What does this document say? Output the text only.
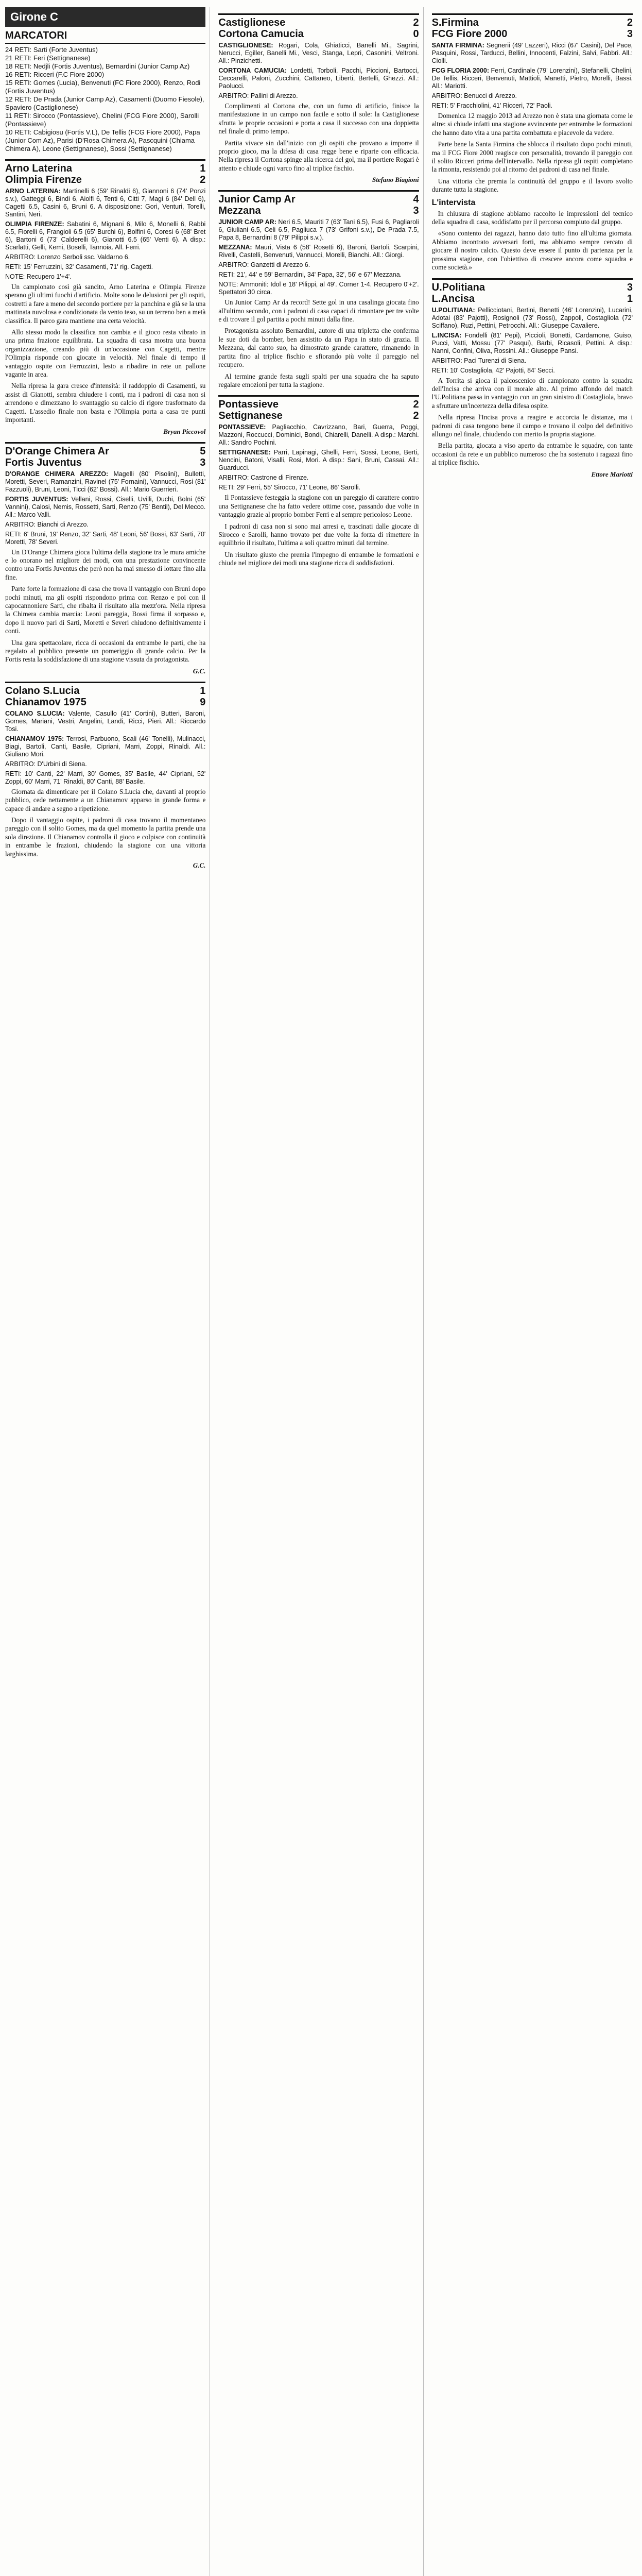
Girone C
MARCATORI
24 RETI: Sarti (Forte Juventus)
21 RETI: Feri (Settignanese)
18 RETI: Nedjli (Fortis Juventus), Bernardini (Junior Camp Az)
16 RETI: Ricceri (F.C Fiore 2000)
15 RETI: Gomes (Lucia), Benvenuti (FC Fiore 2000), Renzo, Rodi (Fortis Juventus)
12 RETI: De Prada (Junior Camp Az), Casamenti (Duomo Fiesole), Spaviero (Castiglionese)
11 RETI: Sirocco (Pontassieve), Chelini (FCG Fiore 2000), Sarolli (Pontassieve)
10 RETI: Cabigiosu (Fortis V.L), De Tellis (FCG Fiore 2000), Papa (Junior Com Az), Parisi (D'Rosa Chimera A), Pascquini (Chiama Chimera A), Leone (Settignanese), Sossi (Settignanese)
Arno Laterina	1
Olimpia Firenze	2
ARNO LATERINA: Martinelli 6 (59' Rinaldi 6), Giannoni 6 (74' Ponzi s.v.), Gatteggi 6, Bindi 6, Aiolfi 6, Tenti 6, Citti 7, Magi 6 (84' Dell 6), Cagetti 6.5, Casini 6, Bruni 6. A disposizione: Gori, Venturi, Torelli, Santini, Neri.
OLIMPIA FIRENZE: Sabatini 6, Mignani 6, Milo 6, Monelli 6, Rabbi 6.5, Fiorelli 6, Frangioli 6.5 (65' Burchi 6), Bolfini 6, Coresi 6 (68' Bret 6), Bartoni 6 (73' Calderelli 6), Gianotti 6.5 (65' Venti 6). A disp.: Scarlatti, Gelli, Kemi, Boselli, Tannoia. All. Ferri.
ARBITRO: Lorenzo Serboli ssc. Valdarno 6.
RETI: 15' Ferruzzini, 32' Casamenti, 71' rig. Cagetti.
NOTE: Recupero 1'+4'.

Un campionato così già sancito, Arno Laterina e Olimpia Firenze sperano gli ultimi fuochi d'artificio. Molte sono le delusioni per gli ospiti, costretti a fare a meno del secondo portiere per la panchina e già se la una mattinata nuvolosa e condizionata da vento teso, su un terreno ben a metà classifica. Il parco gara mantiene una certa velocità.

Allo stesso modo la classifica non cambia e il gioco resta vibrato in una prima frazione equilibrata. La squadra di casa mostra una buona organizzazione, creando più di un'occasione con Cagetti, mentre l'Olimpia risponde con giocate in velocità. Nel finale di tempo il vantaggio ospite con Ferruzzini, lesto a ribadire in rete un pallone vagante in area.

Nella ripresa la gara cresce d'intensità: il raddoppio di Casamenti, su assist di Gianotti, sembra chiudere i conti, ma i padroni di casa non si arrendono e dimezzano lo svantaggio su calcio di rigore trasformato da Cagetti. L'assedio finale non basta e l'Olimpia porta a casa tre punti importanti.

Bryan Piccovol
D'Orange Chimera Ar	5
Fortis Juventus	3
D'ORANGE CHIMERA AREZZO: Magelli (80' Pisolini), Bulletti, Moretti, Severi, Ramanzini, Ravinel (75' Fornaini), Vannucci, Rosi (81' Fazzuoli), Bruni, Leoni, Ticci (62' Bossi). All.: Mario Guerrieri.
FORTIS JUVENTUS: Vellani, Rossi, Ciselli, Uvilli, Duchi, Bolni (65' Vannini), Calosi, Nemis, Rossetti, Sarti, Renzo (75' Bentil), Del Mecco. All.: Marco Valli.
ARBITRO: Bianchi di Arezzo.
RETI: 6' Bruni, 19' Renzo, 32' Sarti, 48' Leoni, 56' Bossi, 63' Sarti, 70' Moretti, 78' Severi.

Un D'Orange Chimera gioca l'ultima della stagione tra le mura amiche e lo onorano nel migliore dei modi, con una prestazione convincente contro una Fortis Juventus che però non ha mai smesso di lottare fino alla fine.

Parte forte la formazione di casa che trova il vantaggio con Bruni dopo pochi minuti, ma gli ospiti rispondono prima con Renzo e poi con il capocannoniere Sarti, che ribalta il risultato alla mezz'ora. Nella ripresa la Chimera cambia marcia: Leoni pareggia, Bossi firma il sorpasso e, dopo il nuovo pari di Sarti, Moretti e Severi chiudono definitivamente i conti.

Una gara spettacolare, ricca di occasioni da entrambe le parti, che ha regalato al pubblico presente un pomeriggio di grande calcio. Per la Fortis resta la soddisfazione di una stagione vissuta da protagonista.

G.C.
Colano S.Lucia	1
Chianamov 1975	9
COLANO S.LUCIA: Valente, Casullo (41' Cortini), Butteri, Baroni, Gomes, Mariani, Vestri, Angelini, Landi, Ricci, Pieri. All.: Riccardo Tosi.
CHIANAMOV 1975: Terrosi, Parbuono, Scali (46' Tonelli), Mulinacci, Biagi, Bartoli, Canti, Basile, Cipriani, Marri, Zoppi, Rinaldi. All.: Giuliano Mori.
ARBITRO: D'Urbini di Siena.
RETI: 10' Canti, 22' Marri, 30' Gomes, 35' Basile, 44' Cipriani, 52' Zoppi, 60' Marri, 71' Rinaldi, 80' Canti, 88' Basile.

Giornata da dimenticare per il Colano S.Lucia che, davanti al proprio pubblico, cede nettamente a un Chianamov apparso in grande forma e capace di andare a segno a ripetizione.

Dopo il vantaggio ospite, i padroni di casa trovano il momentaneo pareggio con il solito Gomes, ma da quel momento la partita prende una sola direzione. Il Chianamov controlla il gioco e colpisce con continuità in entrambe le frazioni, chiudendo la stagione con una vittoria larghissima.

G.C.
Castiglionese	2
Cortona Camucia	0
CASTIGLIONESE: Rogari, Cola, Ghiaticci, Banelli Mi., Sagrini, Nerucci, Egiller, Banelli Mi., Vesci, Stanga, Lepri, Casonini, Veltroni. All.: Pinzichetti.
CORTONA CAMUCIA: Lordetti, Torboli, Pacchi, Piccioni, Bartocci, Ceccarelli, Paloni, Zucchini, Cattaneo, Liberti, Bertelli, Ghezzi. All.: Paolucci.
ARBITRO: Pallini di Arezzo.

Complimenti al Cortona che, con un fumo di artificio, finisce la manifestazione in un campo non facile e sotto il sole: la Castiglionese sfrutta le proprie occasioni e porta a casa il successo con una doppietta nel finale di primo tempo.

Partita vivace sin dall'inizio con gli ospiti che provano a imporre il proprio gioco, ma la difesa di casa regge bene e riparte con efficacia. Nella ripresa il Cortona spinge alla ricerca del gol, ma il portiere Rogari è attento e chiude ogni varco fino al triplice fischio.

Stefano Biagioni
Junior Camp Ar	4
Mezzana	3
JUNIOR CAMP AR: Neri 6.5, Mauriti 7 (63' Tani 6.5), Fusi 6, Pagliaroli 6, Giuliani 6.5, Celi 6.5, Pagliuca 7 (73' Grifoni s.v.), De Prada 7.5, Papa 8, Bernardini 8 (79' Pilippi s.v.).
MEZZANA: Mauri, Vista 6 (58' Rosetti 6), Baroni, Bartoli, Scarpini, Rivelli, Castelli, Benvenuti, Vannucci, Morelli, Bianchi. All.: Giorgi.
ARBITRO: Ganzetti di Arezzo 6.
RETI: 21', 44' e 59' Bernardini, 34' Papa, 32', 56' e 67' Mezzana.
NOTE: Ammoniti: Idol e 18' Pilippi, al 49'. Corner 1-4. Recupero 0'+2'. Spettatori 30 circa.

Un Junior Camp Ar da record! Sette gol in una casalinga giocata fino all'ultimo secondo, con i padroni di casa capaci di rimontare per tre volte e di trovare il gol partita a pochi minuti dalla fine.

Protagonista assoluto Bernardini, autore di una tripletta che conferma le sue doti da bomber, ben assistito da un Papa in stato di grazia. Il Mezzana, dal canto suo, ha dimostrato grande carattere, rimanendo in partita fino al triplice fischio e sfiorando più volte il pareggio nel recupero.

Al termine grande festa sugli spalti per una squadra che ha saputo regalare emozioni per tutta la stagione.

Pontassieve	2
Settignanese	2
PONTASSIEVE: Pagliacchio, Cavrizzano, Bari, Guerra, Poggi, Mazzoni, Roccucci, Dominici, Bondi, Chiarelli, Danelli. A disp.: Marchi. All.: Sandro Pochini.
SETTIGNANESE: Parri, Lapinagi, Ghelli, Ferri, Sossi, Leone, Berti, Nencini, Batoni, Visalli, Rosi, Mori. A disp.: Sani, Bruni, Cassai. All.: Guarducci.
ARBITRO: Castrone di Firenze.
RETI: 29' Ferri, 55' Sirocco, 71' Leone, 86' Sarolli.

Il Pontassieve festeggia la stagione con un pareggio di carattere contro una Settignanese che ha fatto vedere ottime cose, passando due volte in vantaggio grazie al proprio bomber Ferri e al sempre pericoloso Leone.

I padroni di casa non si sono mai arresi e, trascinati dalle giocate di Sirocco e Sarolli, hanno trovato per due volte la forza di rimettere in equilibrio il risultato, l'ultima a soli quattro minuti dal termine.

Un risultato giusto che premia l'impegno di entrambe le formazioni e chiude nel migliore dei modi una stagione ricca di soddisfazioni.

S.Firmina	2
FCG Fiore 2000	3
SANTA FIRMINA: Segnerii (49' Lazzeri), Ricci (67' Casini), Del Pace, Pasquini, Rossi, Tarducci, Bellini, Innocenti, Falzini, Salvi, Fabbri. All.: Ciolli.
FCG FLORIA 2000: Ferri, Cardinale (79' Lorenzini), Stefanelli, Chelini, De Tellis, Ricceri, Benvenuti, Mattioli, Manetti, Pietro, Morelli, Bassi. All.: Mariotti.
ARBITRO: Benucci di Arezzo.
RETI: 5' Fracchiolini, 41' Ricceri, 72' Paoli.

Domenica 12 maggio 2013 ad Arezzo non è stata una giornata come le altre: si chiude infatti una stagione avvincente per entrambe le formazioni che hanno dato vita a una partita combattuta e piacevole da vedere.

Parte bene la Santa Firmina che sblocca il risultato dopo pochi minuti, ma il FCG Fiore 2000 reagisce con personalità, trovando il pareggio con il solito Ricceri prima dell'intervallo. Nella ripresa gli ospiti completano la rimonta, resistendo poi al ritorno dei padroni di casa nel finale.

Una vittoria che premia la continuità del gruppo e il lavoro svolto durante tutta la stagione.

L'intervista

In chiusura di stagione abbiamo raccolto le impressioni del tecnico della squadra di casa, soddisfatto per il percorso compiuto dal gruppo.

«Sono contento dei ragazzi, hanno dato tutto fino all'ultima giornata. Abbiamo incontrato avversari forti, ma abbiamo sempre cercato di giocare il nostro calcio. Questo deve essere il punto di partenza per la prossima stagione, con l'obiettivo di crescere ancora come squadra e come società.»

U.Politiana	3
L.Ancisa	1
U.POLITIANA: Pellicciotani, Bertini, Benetti (46' Lorenzini), Lucarini, Adotai (83' Pajotti), Rosignoli (73' Rossi), Zappoli, Costagliola (72' Sciffano), Ruzi, Pettini, Petrocchi. All.: Giuseppe Cavaliere.
L.INCISA: Fondelli (81' Pepi), Piccioli, Bonetti, Cardamone, Guiso, Pucci, Vatti, Mossu (77' Pasqui), Barbi, Ricasoli, Pettini. A disp.: Nanni, Confini, Oliva, Rossini. All.: Giuseppe Pansi.
ARBITRO: Paci Turenzi di Siena.
RETI: 10' Costagliola, 42' Pajotti, 84' Secci.

A Torrita si gioca il palcoscenico di campionato contro la squadra dell'Incisa che arriva con il morale alto. Al primo affondo del match l'U.Politiana passa in vantaggio con un gran sinistro di Costagliola, bravo a sfruttare un'incertezza della difesa ospite.

Nella ripresa l'Incisa prova a reagire e accorcia le distanze, ma i padroni di casa tengono bene il campo e trovano il colpo del definitivo allungo nel finale, chiudendo con merito la propria stagione.

Bella partita, giocata a viso aperto da entrambe le squadre, con tante occasioni da rete e un pubblico numeroso che ha sostenuto i ragazzi fino al triplice fischio.

Ettore Mariotti
